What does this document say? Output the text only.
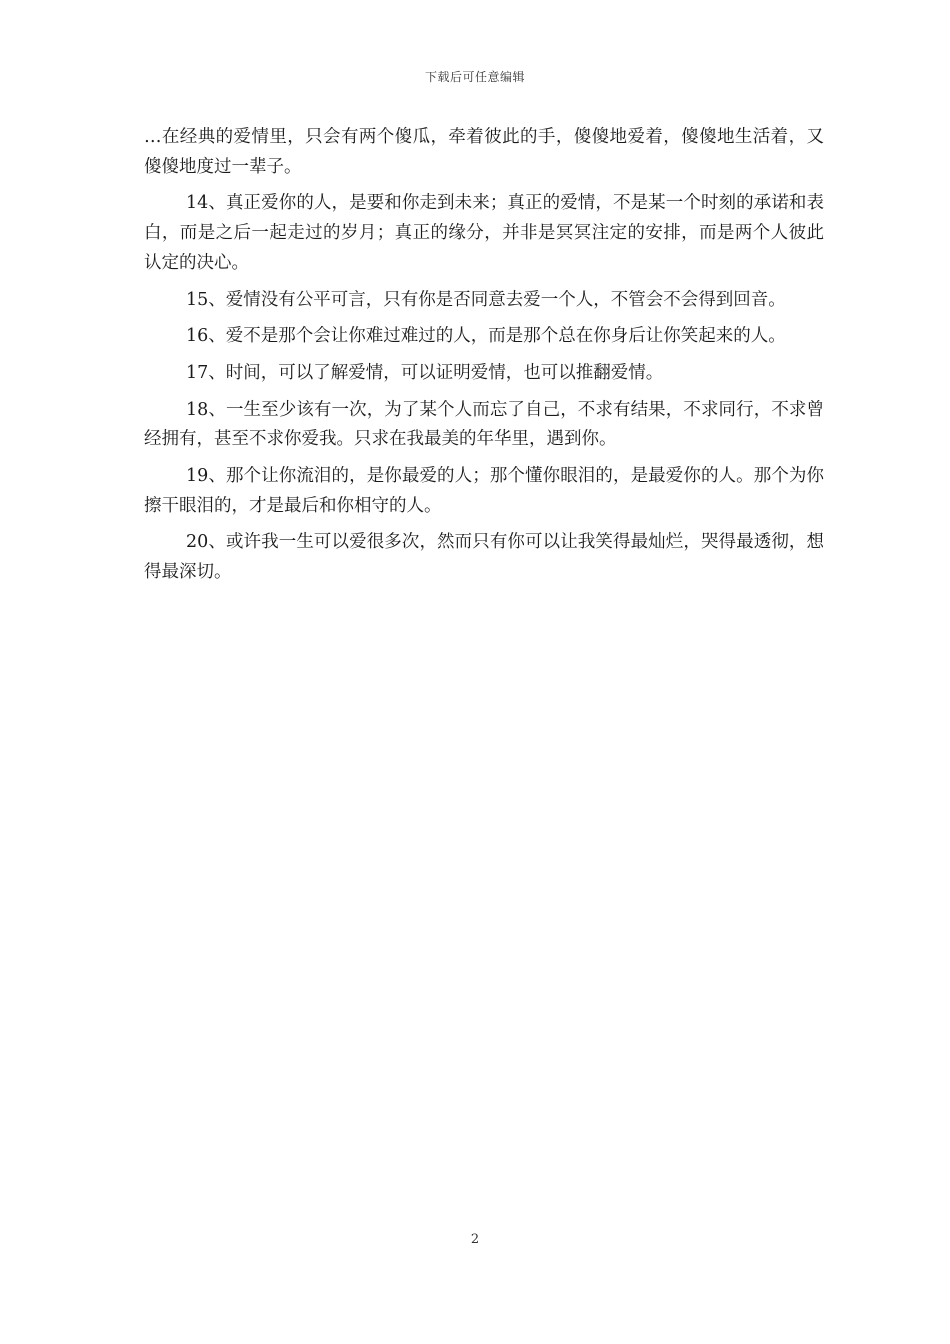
下载后可任意编辑

…在经典的爱情里，只会有两个傻瓜，牵着彼此的手，傻傻地爱着，傻傻地生活着，又傻傻地度过一辈子。

14、真正爱你的人，是要和你走到未来；真正的爱情，不是某一个时刻的承诺和表白，而是之后一起走过的岁月；真正的缘分，并非是冥冥注定的安排，而是两个人彼此认定的决心。

15、爱情没有公平可言，只有你是否同意去爱一个人，不管会不会得到回音。

16、爱不是那个会让你难过难过的人，而是那个总在你身后让你笑起来的人。

17、时间，可以了解爱情，可以证明爱情，也可以推翻爱情。

18、一生至少该有一次，为了某个人而忘了自己，不求有结果，不求同行，不求曾经拥有，甚至不求你爱我。只求在我最美的年华里，遇到你。

19、那个让你流泪的，是你最爱的人；那个懂你眼泪的，是最爱你的人。那个为你擦干眼泪的，才是最后和你相守的人。

20、或许我一生可以爱很多次，然而只有你可以让我笑得最灿烂，哭得最透彻，想得最深切。

2
